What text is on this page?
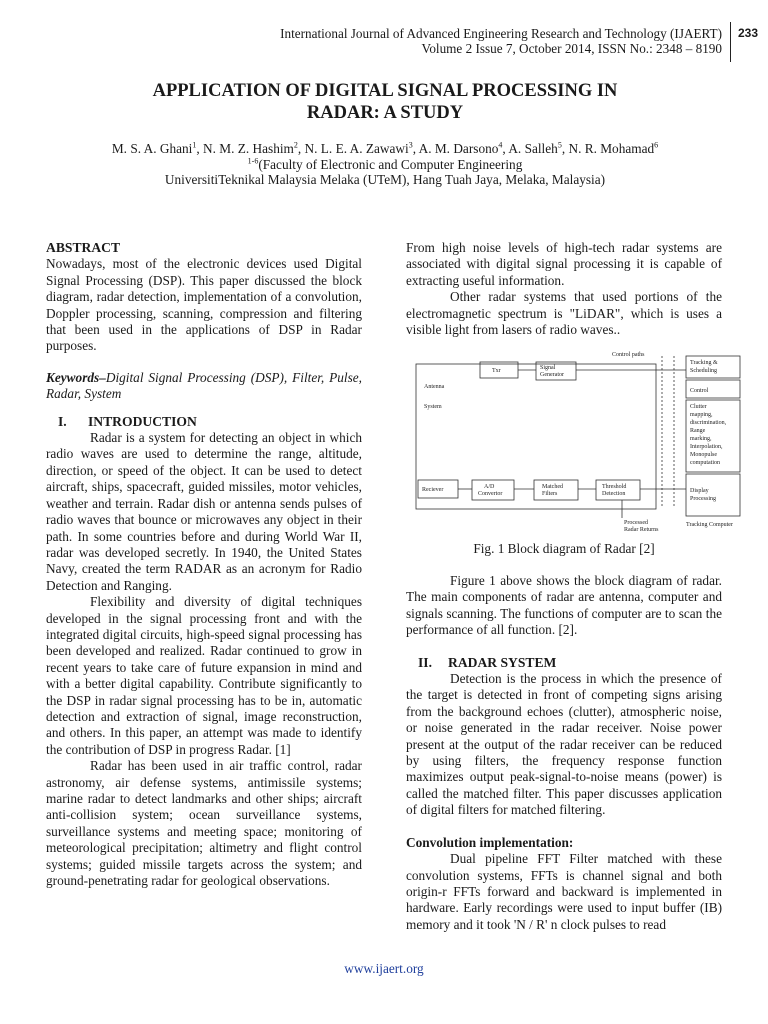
International Journal of Advanced Engineering Research and Technology (IJAERT)
Volume 2 Issue 7, October 2014, ISSN No.: 2348 – 8190
233
APPLICATION OF DIGITAL SIGNAL PROCESSING IN
RADAR: A STUDY
M. S. A. Ghani$^1$, N. M. Z. Hashim$^2$, N. L. E. A. Zawawi$^3$, A. M. Darsono$^4$, A. Salleh$^5$, N. R. Mohamad$^6$
$^{1-6}$(Faculty of Electronic and Computer Engineering
UniversitiTeknikal Malaysia Melaka (UTeM), Hang Tuah Jaya, Melaka, Malaysia)
ABSTRACT

Nowadays, most of the electronic devices used Digital Signal Processing (DSP). This paper discussed the block diagram, radar detection, implementation of a convolution, Doppler processing, scanning, compression and filtering that been used in the applications of DSP in Radar purposes.

Keywords–Digital Signal Processing (DSP), Filter, Pulse, Radar, System

I. INTRODUCTION

Radar is a system for detecting an object in which radio waves are used to determine the range, altitude, direction, or speed of the object. It can be used to detect aircraft, ships, spacecraft, guided missiles, motor vehicles, weather and terrain. Radar dish or antenna sends pulses of radio waves that bounce or microwaves any object in their path. In some countries before and during World War II, radar was developed secretly. In 1940, the United States Navy, created the term RADAR as an acronym for Radio Detection and Ranging.

Flexibility and diversity of digital techniques developed in the signal processing front and with the integrated digital circuits, high-speed signal processing has been developed and realized. Radar continued to grow in recent years to take care of future expansion in mind and with a better digital capability. Contribute significantly to the DSP in radar signal processing has to be in, automatic detection and extraction of signal, image reconstruction, and others. In this paper, an attempt was made to identify the contribution of DSP in progress Radar. [1]

Radar has been used in air traffic control, radar astronomy, air defense systems, antimissile systems; marine radar to detect landmarks and other ships; aircraft anti-collision system; ocean surveillance systems, surveillance systems and meeting space; monitoring of meteorological precipitation; altimetry and flight control systems; guided missile targets across the system; and ground-penetrating radar for geological observations.

From high noise levels of high-tech radar systems are associated with digital signal processing it is capable of extracting useful information.

Other radar systems that used portions of the electromagnetic spectrum is "LiDAR", which is uses a visible light from lasers of radio waves..

Control paths
Txr	Signal
Generator
Antenna
System
Reciever	A/D
Convertor
Matched
Filters
Threshold
Detection
Processed
Radar Returns
Tracking &
Scheduling
Control
Clutter
mapping,
discrimination,
Range
marking,
Interpolation,
Monopulse
computation
Display
Processing
Tracking Computer
Fig. 1 Block diagram of Radar [2]

Figure 1 above shows the block diagram of radar. The main components of radar are antenna, computer and signals scanning. The functions of computer are to scan the performance of all function. [2].

II. RADAR SYSTEM

Detection is the process in which the presence of the target is detected in front of competing signs arising from the background echoes (clutter), atmospheric noise, or noise generated in the radar receiver. Noise power present at the output of the radar receiver can be reduced by using filters, the frequency response function maximizes output peak-signal-to-noise means (power) is called the matched filter. This paper discusses application of digital filters for matched filtering.

Convolution implementation:

Dual pipeline FFT Filter matched with these convolution systems, FFTs is channel signal and both origin-r FFTs forward and backward is implemented in hardware. Early recordings were used to input buffer (IB) memory and it took 'N / R' n clock pulses to read

www.ijaert.org
